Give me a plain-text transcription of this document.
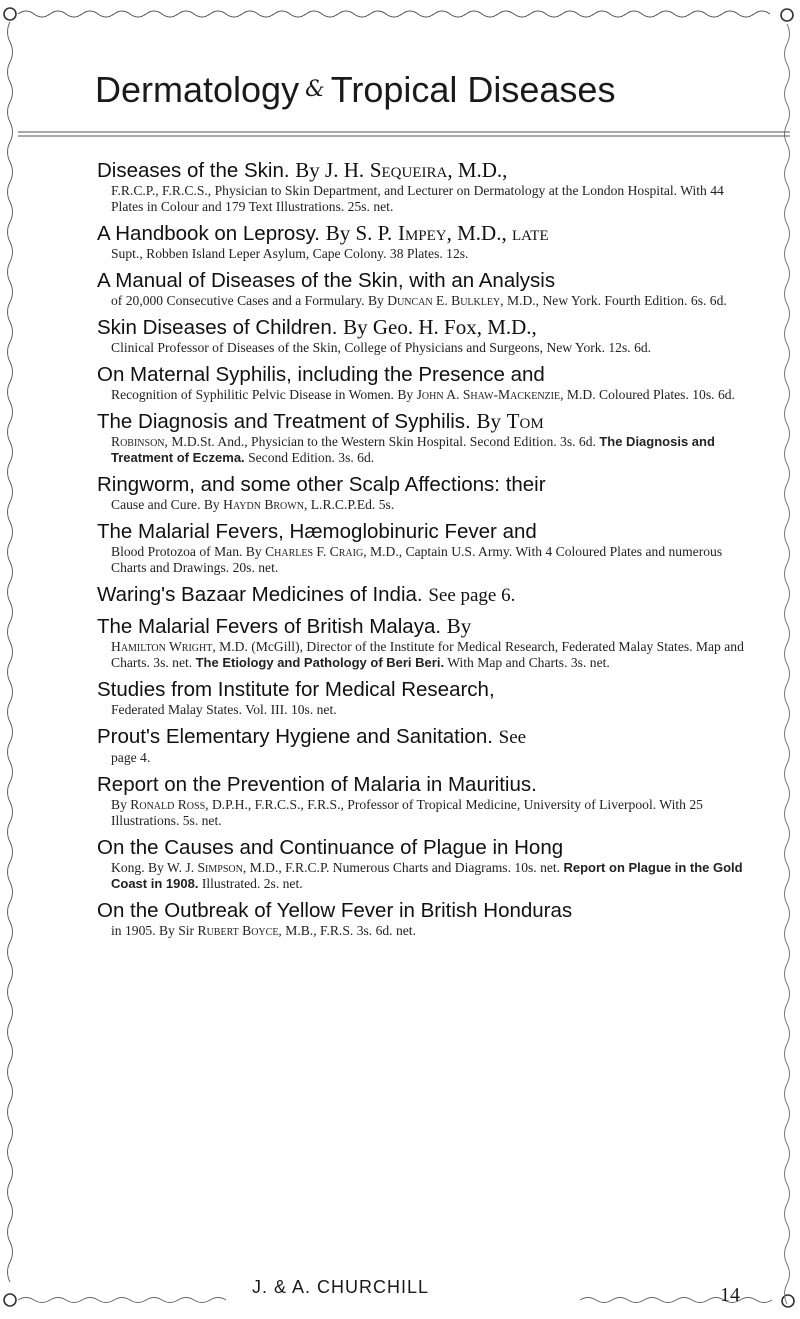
Dermatology & Tropical Diseases
Diseases of the Skin. By J. H. Sequeira, M.D.,
F.R.C.P., F.R.C.S., Physician to Skin Department, and Lecturer on Dermatology at the London Hospital. With 44 Plates in Colour and 179 Text Illustrations. 25s. net.
A Handbook on Leprosy. By S. P. Impey, M.D., late
Supt., Robben Island Leper Asylum, Cape Colony. 38 Plates. 12s.
A Manual of Diseases of the Skin, with an Analysis
of 20,000 Consecutive Cases and a Formulary. By Duncan E. Bulkley, M.D., New York. Fourth Edition. 6s. 6d.
Skin Diseases of Children. By Geo. H. Fox, M.D.,
Clinical Professor of Diseases of the Skin, College of Physicians and Surgeons, New York. 12s. 6d.
On Maternal Syphilis, including the Presence and
Recognition of Syphilitic Pelvic Disease in Women. By John A. Shaw-Mackenzie, M.D. Coloured Plates. 10s. 6d.
The Diagnosis and Treatment of Syphilis. By Tom
Robinson, M.D.St. And., Physician to the Western Skin Hospital. Second Edition. 3s. 6d. The Diagnosis and Treatment of Eczema. Second Edition. 3s. 6d.
Ringworm, and some other Scalp Affections: their
Cause and Cure. By Haydn Brown, L.R.C.P.Ed. 5s.
The Malarial Fevers, Hæmoglobinuric Fever and
Blood Protozoa of Man. By Charles F. Craig, M.D., Captain U.S. Army. With 4 Coloured Plates and numerous Charts and Drawings. 20s. net.
Waring's Bazaar Medicines of India. See page 6.
The Malarial Fevers of British Malaya. By
Hamilton Wright, M.D. (McGill), Director of the Institute for Medical Research, Federated Malay States. Map and Charts. 3s. net. The Etiology and Pathology of Beri Beri. With Map and Charts. 3s. net.
Studies from Institute for Medical Research,
Federated Malay States. Vol. III. 10s. net.
Prout's Elementary Hygiene and Sanitation. See
page 4.
Report on the Prevention of Malaria in Mauritius.
By Ronald Ross, D.P.H., F.R.C.S., F.R.S., Professor of Tropical Medicine, University of Liverpool. With 25 Illustrations. 5s. net.
On the Causes and Continuance of Plague in Hong
Kong. By W. J. Simpson, M.D., F.R.C.P. Numerous Charts and Diagrams. 10s. net. Report on Plague in the Gold Coast in 1908. Illustrated. 2s. net.
On the Outbreak of Yellow Fever in British Honduras
in 1905. By Sir Rubert Boyce, M.B., F.R.S. 3s. 6d. net.
J. & A. CHURCHILL	14
